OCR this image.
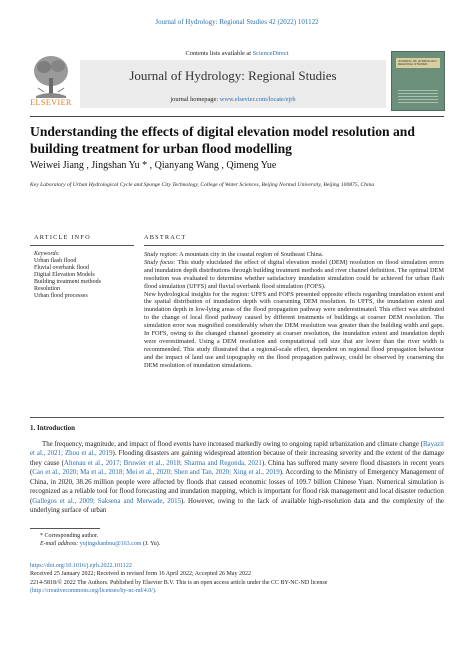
Journal of Hydrology: Regional Studies 42 (2022) 101122
ELSEVIER
Contents lists available at ScienceDirect
Journal of Hydrology: Regional Studies
journal homepage: www.elsevier.com/locate/ejrh
JOURNAL OF HYDROLOGY: REGIONAL STUDIES
Understanding the effects of digital elevation model resolution and building treatment for urban flood modelling
Weiwei Jiang , Jingshan Yu * , Qianyang Wang , Qimeng Yue
Key Laboratory of Urban Hydrological Cycle and Sponge City Technology, College of Water Sciences, Beijing Normal University, Beijing 100875, China
ARTICLE INFO	ABSTRACT
Keywords:
Urban flash flood
Fluvial overbank flood
Digital Elevation Models
Building treatment methods
Resolution
Urban flood processes

Study region: A mountain city in the coastal region of Southeast China.

Study focus: This study elucidated the effect of digital elevation model (DEM) resolution on flood simulation errors and inundation depth distributions through building treatment methods and river channel definition. The optimal DEM resolution was evaluated to determine whether satisfactory inundation simulation could be achieved for urban flash flood simulation (UFFS) and fluvial overbank flood simulation (FOFS).

New hydrological insights for the region: UFFS and FOFS presented opposite effects regarding inundation extent and the spatial distribution of inundation depth with coarsening DEM resolution. In UFFS, the inundation extent and inundation depth in low-lying areas of the flood propagation pathway were underestimated. This effect was attributed to the change of local flood pathway caused by different treatments of buildings at coarser DEM resolution. The simulation error was magnified considerably when the DEM resolution was greater than the building width and gaps. In FOFS, owing to the changed channel geometry at coarser resolution, the inundation extent and inundation depth were overestimated. Using a DEM resolution and computational cell size that are lower than the river width is recommended. This study illustrated that a regional-scale effect, dependent on regional flood propagation behaviour and the impact of land use and topography on the flood propagation pathway, could be observed by coarsening the DEM resolution of inundation simulations.

1. Introduction
The frequency, magnitude, and impact of flood events have increased markedly owing to ongoing rapid urbanization and climate change (Bayazit et al., 2021; Zhou et al., 2019). Flooding disasters are gaining widespread attention because of their increasing severity and the extent of the damage they cause (Altenau et al., 2017; Bruwier et al., 2018; Sharma and Regonda, 2021). China has suffered many severe flood disasters in recent years (Cao et al., 2020; Ma et al., 2018; Mei et al., 2020; Shen and Tan, 2020; Xing et al., 2019). According to the Ministry of Emergency Management of China, in 2020, 38.26 million people were affected by floods that caused economic losses of 109.7 billion Chinese Yuan. Numerical simulation is recognized as a reliable tool for flood forecasting and inundation mapping, which is important for flood risk management and local disaster reduction (Gallegos et al., 2009; Saksena and Merwade, 2015). However, owing to the lack of available high-resolution data and the complexity of the underlying surface of urban
* Corresponding author.
E-mail address: yujingshanbnu@163.com (J. Yu).
https://doi.org/10.1016/j.ejrh.2022.101122
Received 25 January 2022; Received in revised form 16 April 2022; Accepted 26 May 2022
2214-5818/© 2022 The Authors. Published by Elsevier B.V. This is an open access article under the CC BY-NC-ND license
(http://creativecommons.org/licenses/by-nc-nd/4.0/).
